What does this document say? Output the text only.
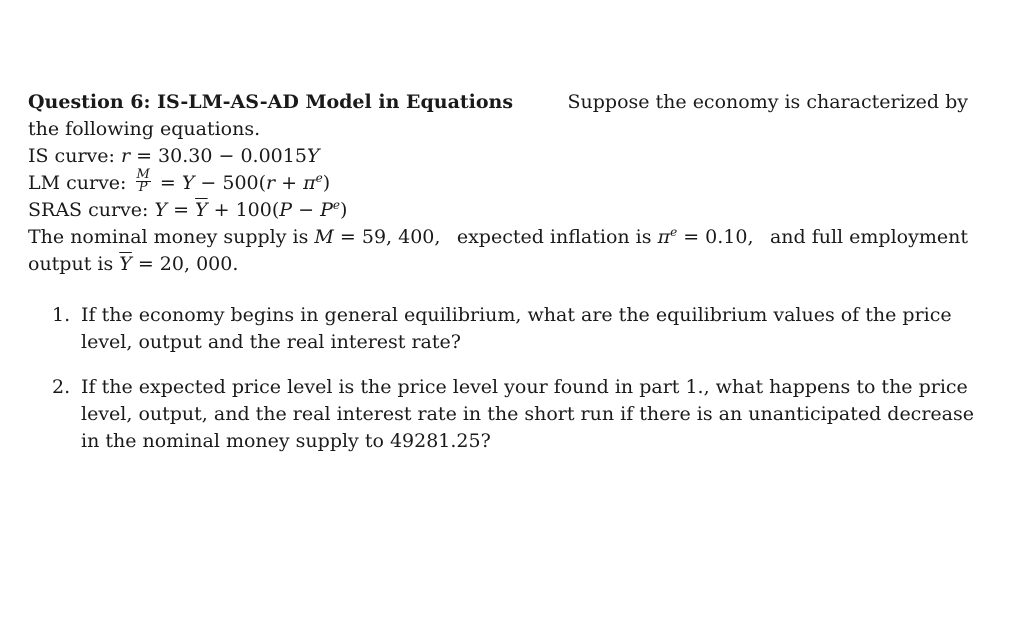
Question 6: IS-LM-AS-AD Model in Equations	Suppose the economy is characterized by
the following equations.
IS curve: r = 30.30 − 0.0015Y
LM curve: $\frac{M}{P} = Y - 500(r + \pi^e)$
SRAS curve: $Y = \overline{Y} + 100(P - P^e)$
The nominal money supply is M = 59, 400, expected inflation is $\pi^e = 0.10$, and full employment
output is $\overline{Y} = 20$, 000.
1. If the economy begins in general equilibrium, what are the equilibrium values of the price
level, output and the real interest rate?
2. If the expected price level is the price level your found in part 1., what happens to the price
level, output, and the real interest rate in the short run if there is an unanticipated decrease
in the nominal money supply to 49281.25?
